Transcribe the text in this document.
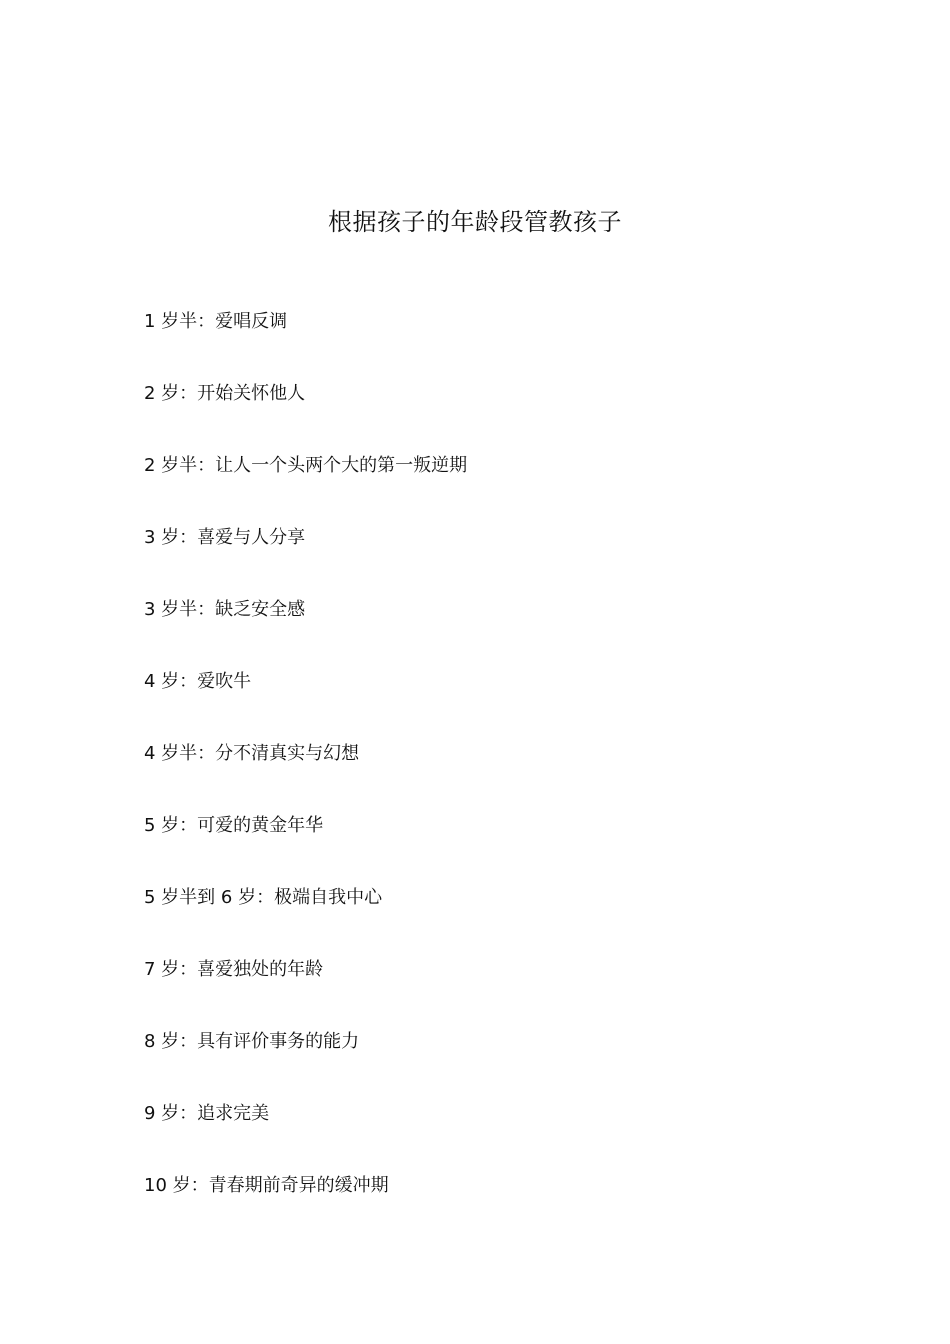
根据孩子的年龄段管教孩子
1 岁半：爱唱反调
2 岁：开始关怀他人
2 岁半：让人一个头两个大的第一叛逆期
3 岁：喜爱与人分享
3 岁半：缺乏安全感
4 岁：爱吹牛
4 岁半：分不清真实与幻想
5 岁：可爱的黄金年华
5 岁半到 6 岁：极端自我中心
7 岁：喜爱独处的年龄
8 岁：具有评价事务的能力
9 岁：追求完美
10 岁：青春期前奇异的缓冲期
